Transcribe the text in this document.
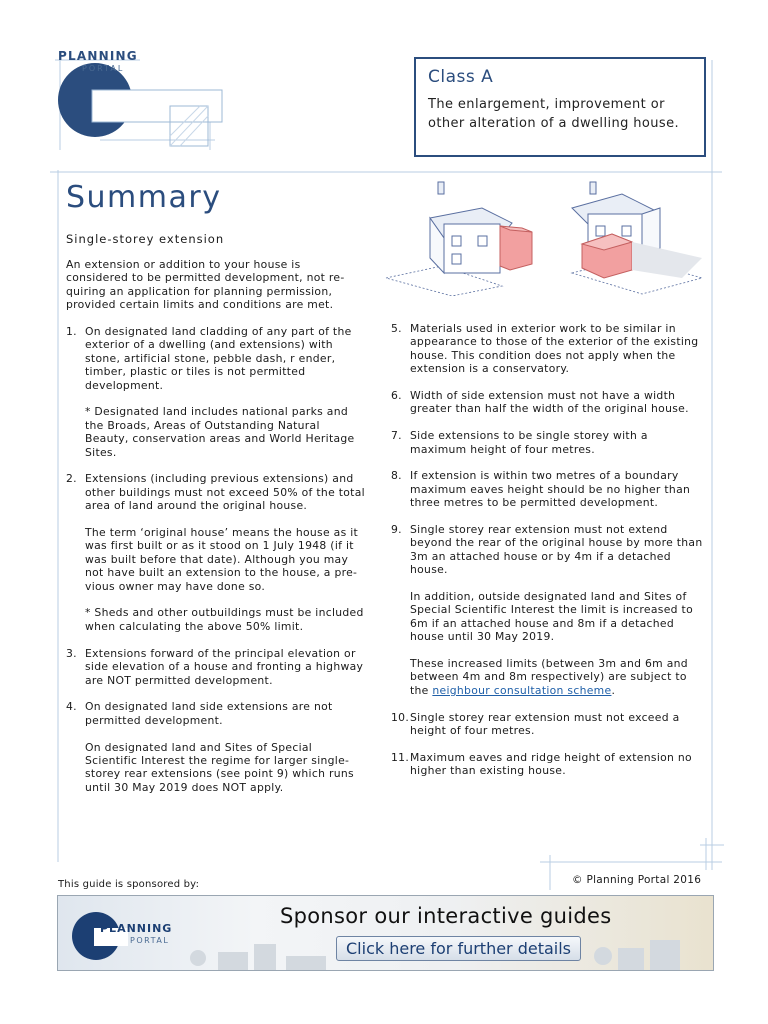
PLANNING
PORTAL	Class A
The enlargement, improvement or other alteration of a dwelling house.
Summary
Single-storey extension

An extension or addition to your house is considered to be permitted development, not re-quiring an application for planning permission, provided certain limits and conditions are met.

1. On designated land cladding of any part of the exterior of a dwelling (and extensions) with stone, artificial stone, pebble dash, r ender, timber, plastic or tiles is not permitted development.

* Designated land includes national parks and the Broads, Areas of Outstanding Natural Beauty, conservation areas and World Heritage Sites.

2. Extensions (including previous extensions) and other buildings must not exceed 50% of the total area of land around the original house.

The term ‘original house’ means the house as it was first built or as it stood on 1 July 1948 (if it was built before that date). Although you may not have built an extension to the house, a pre-vious owner may have done so.

* Sheds and other outbuildings must be included when calculating the above 50% limit.

3. Extensions forward of the principal elevation or side elevation of a house and fronting a highway are NOT permitted development.

4. On designated land side extensions are not permitted development.

On designated land and Sites of Special Scientific Interest the regime for larger single-storey rear extensions (see point 9) which runs until 30 May 2019 does NOT apply.

5. Materials used in exterior work to be similar in appearance to those of the exterior of the existing house. This condition does not apply when the extension is a conservatory.

6. Width of side extension must not have a width greater than half the width of the original house.

7. Side extensions to be single storey with a maximum height of four metres.

8. If extension is within two metres of a boundary maximum eaves height should be no higher than three metres to be permitted development.

9. Single storey rear extension must not extend beyond the rear of the original house by more than 3m an attached house or by 4m if a detached house.

In addition, outside designated land and Sites of Special Scientific Interest the limit is increased to 6m if an attached house and 8m if a detached house until 30 May 2019.

These increased limits (between 3m and 6m and between 4m and 8m respectively) are subject to the neighbour consultation scheme.

10.Single storey rear extension must not exceed a height of four metres.

11.Maximum eaves and ridge height of extension no higher than existing house.

This guide is sponsored by:	© Planning Portal 2016
PLANNING
PORTAL
Sponsor our interactive guides
Click here for further details
